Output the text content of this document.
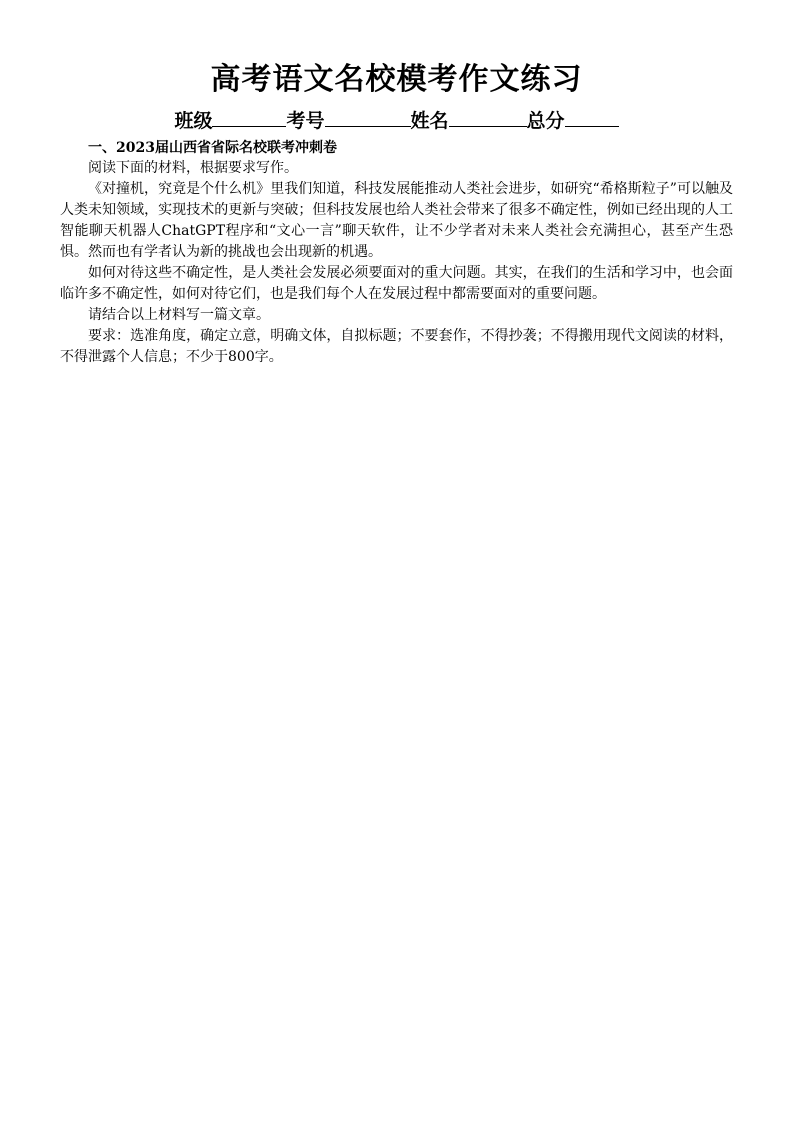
高考语文名校模考作文练习
班级	考号	姓名	总分
一、2023届山西省省际名校联考冲刺卷

阅读下面的材料，根据要求写作。

《对撞机，究竟是个什么机》里我们知道，科技发展能推动人类社会进步，如研究“希格斯粒子”可以触及人类未知领域，实现技术的更新与突破；但科技发展也给人类社会带来了很多不确定性，例如已经出现的人工智能聊天机器人ChatGPT程序和“文心一言”聊天软件，让不少学者对未来人类社会充满担心，甚至产生恐惧。然而也有学者认为新的挑战也会出现新的机遇。

如何对待这些不确定性，是人类社会发展必须要面对的重大问题。其实，在我们的生活和学习中，也会面临许多不确定性，如何对待它们，也是我们每个人在发展过程中都需要面对的重要问题。

请结合以上材料写一篇文章。

要求：选准角度，确定立意，明确文体，自拟标题；不要套作，不得抄袭；不得搬用现代文阅读的材料，不得泄露个人信息；不少于800字。
